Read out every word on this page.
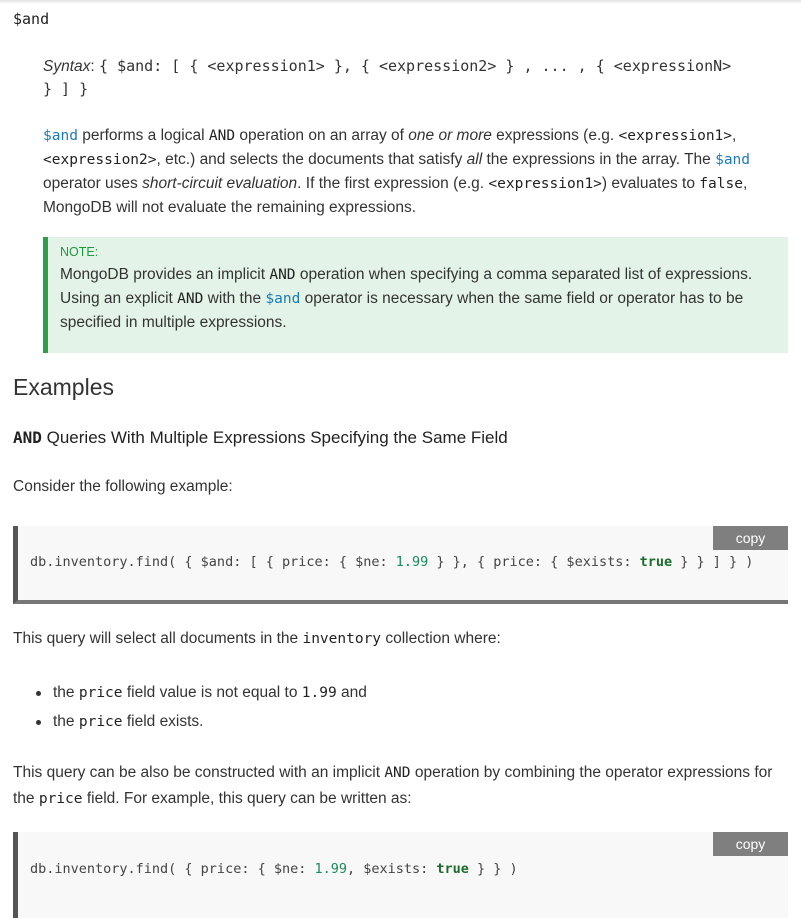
$and
Syntax: { $and: [ { <expression1> }, { <expression2> } , ... , { <expressionN>
} ] }
$and performs a logical AND operation on an array of one or more expressions (e.g. <expression1>,
<expression2>, etc.) and selects the documents that satisfy all the expressions in the array. The $and
operator uses short-circuit evaluation. If the first expression (e.g. <expression1>) evaluates to false,
MongoDB will not evaluate the remaining expressions.
NOTE:
MongoDB provides an implicit AND operation when specifying a comma separated list of expressions.
Using an explicit AND with the $and operator is necessary when the same field or operator has to be
specified in multiple expressions.
Examples
AND Queries With Multiple Expressions Specifying the Same Field
Consider the following example:
copy
db.inventory.find( { $and: [ { price: { $ne: 1.99 } }, { price: { $exists: true } } ] } )
This query will select all documents in the inventory collection where:
the price field value is not equal to 1.99 and
the price field exists.
This query can be also be constructed with an implicit AND operation by combining the operator expressions for
the price field. For example, this query can be written as:
copy
db.inventory.find( { price: { $ne: 1.99, $exists: true } } )
